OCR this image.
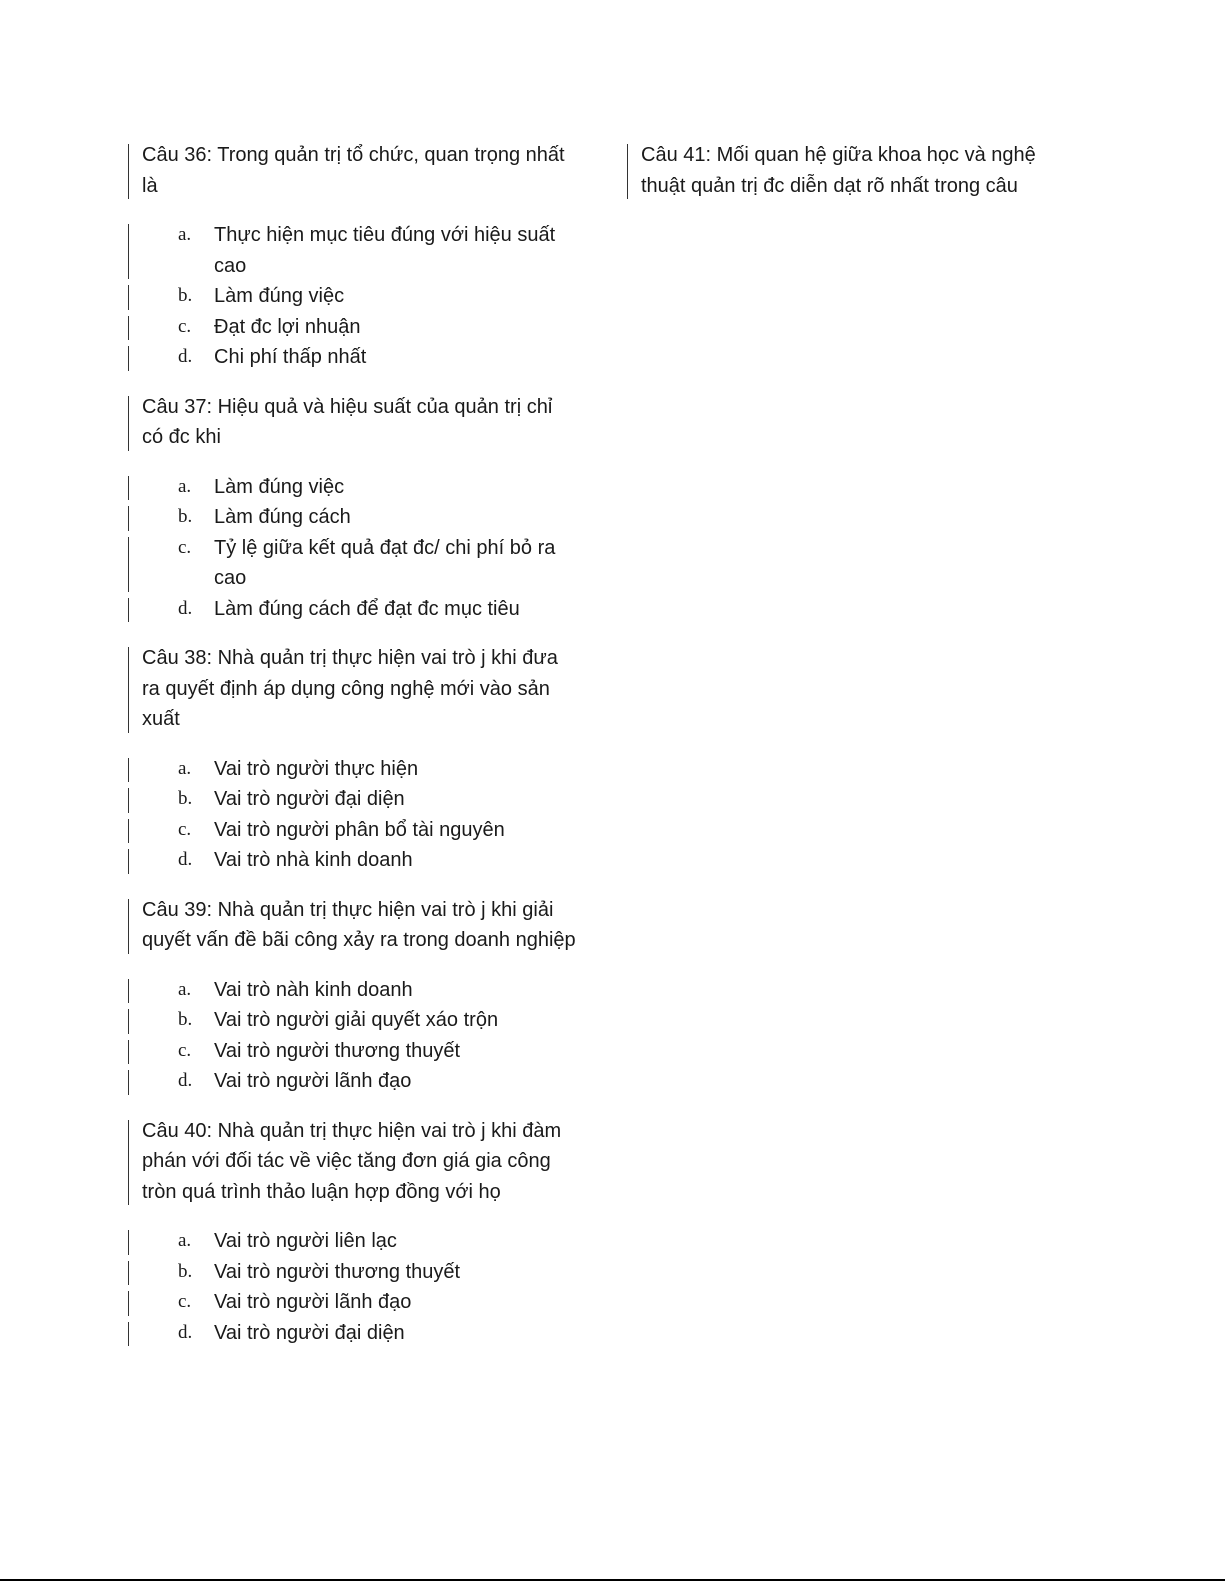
Câu 36: Trong quản trị tổ chức, quan trọng nhất là
a. Thực hiện mục tiêu đúng với hiệu suất cao
b. Làm đúng việc
c. Đạt đc lợi nhuận
d. Chi phí thấp nhất
Câu 37: Hiệu quả và hiệu suất của quản trị chỉ có đc khi
a. Làm đúng việc
b. Làm đúng cách
c. Tỷ lệ giữa kết quả đạt đc/ chi phí bỏ ra cao
d. Làm đúng cách để đạt đc mục tiêu
Câu 38: Nhà quản trị thực hiện vai trò j khi đưa ra quyết định áp dụng công nghệ mới vào sản xuất
a. Vai trò người thực hiện
b. Vai trò người đại diện
c. Vai trò người phân bổ tài nguyên
d. Vai trò nhà kinh doanh
Câu 39: Nhà quản trị thực hiện vai trò j khi giải quyết vấn đề bãi công xảy ra trong doanh nghiệp
a. Vai trò nàh kinh doanh
b. Vai trò người giải quyết xáo trộn
c. Vai trò người thương thuyết
d. Vai trò người lãnh đạo
Câu 40: Nhà quản trị thực hiện vai trò j khi đàm phán với đối tác về việc tăng đơn giá gia công tròn quá trình thảo luận hợp đồng với họ
a. Vai trò người liên lạc
b. Vai trò người thương thuyết
c. Vai trò người lãnh đạo
d. Vai trò người đại diện
Câu 41: Mối quan hệ giữa khoa học và nghệ thuật quản trị đc diễn dạt rõ nhất trong câu
